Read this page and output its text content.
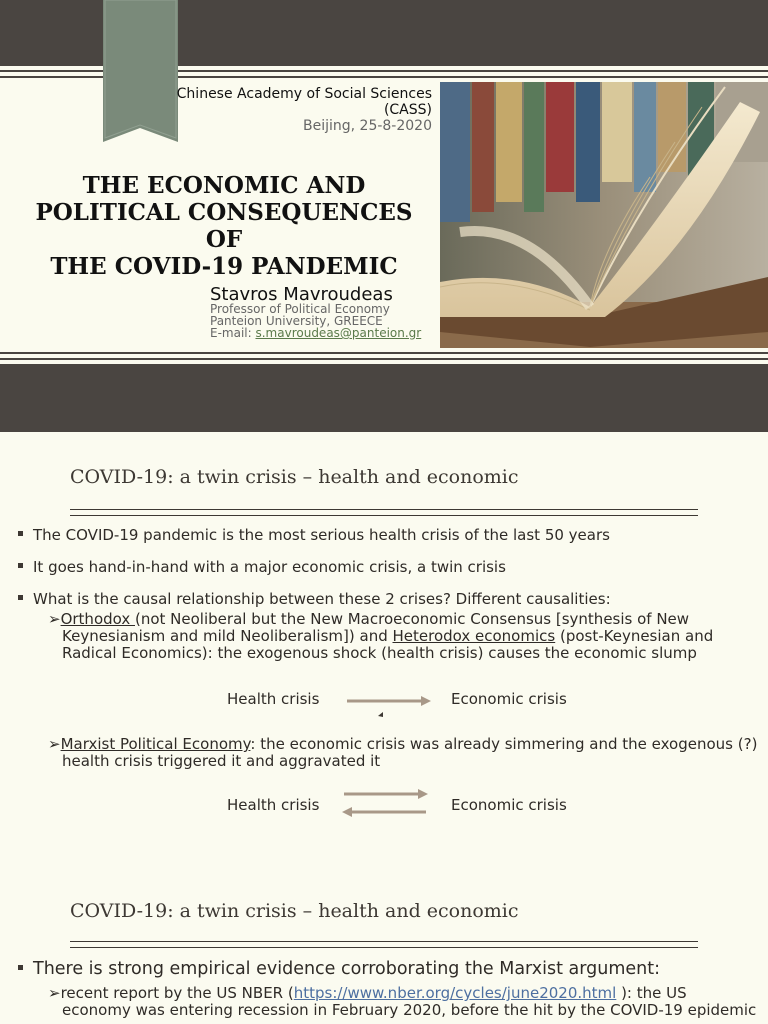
Chinese Academy of Social Sciences
(CASS)
Beijing, 25-8-2020
THE ECONOMIC AND
POLITICAL CONSEQUENCES OF
THE COVID-19 PANDEMIC
Stavros Mavroudeas
Professor of Political Economy
Panteion University, GREECE
E-mail: s.mavroudeas@panteion.gr
COVID-19: a twin crisis – health and economic
The COVID-19 pandemic is the most serious health crisis of the last 50 years
It goes hand-in-hand with a major economic crisis, a twin crisis
What is the causal relationship between these 2 crises? Different causalities:
➢Orthodox (not Neoliberal but the New Macroeconomic Consensus [synthesis of New
Keynesianism and mild Neoliberalism]) and Heterodox economics (post-Keynesian and
Radical Economics): the exogenous shock (health crisis) causes the economic slump
Health crisis	Economic crisis
➢Marxist Political Economy: the economic crisis was already simmering and the exogenous (?)
health crisis triggered it and aggravated it
Health crisis	Economic crisis
COVID-19: a twin crisis – health and economic
There is strong empirical evidence corroborating the Marxist argument:
➢recent report by the US NBER (https://www.nber.org/cycles/june2020.html ): the US
economy was entering recession in February 2020, before the hit by the COVID-19 epidemic
